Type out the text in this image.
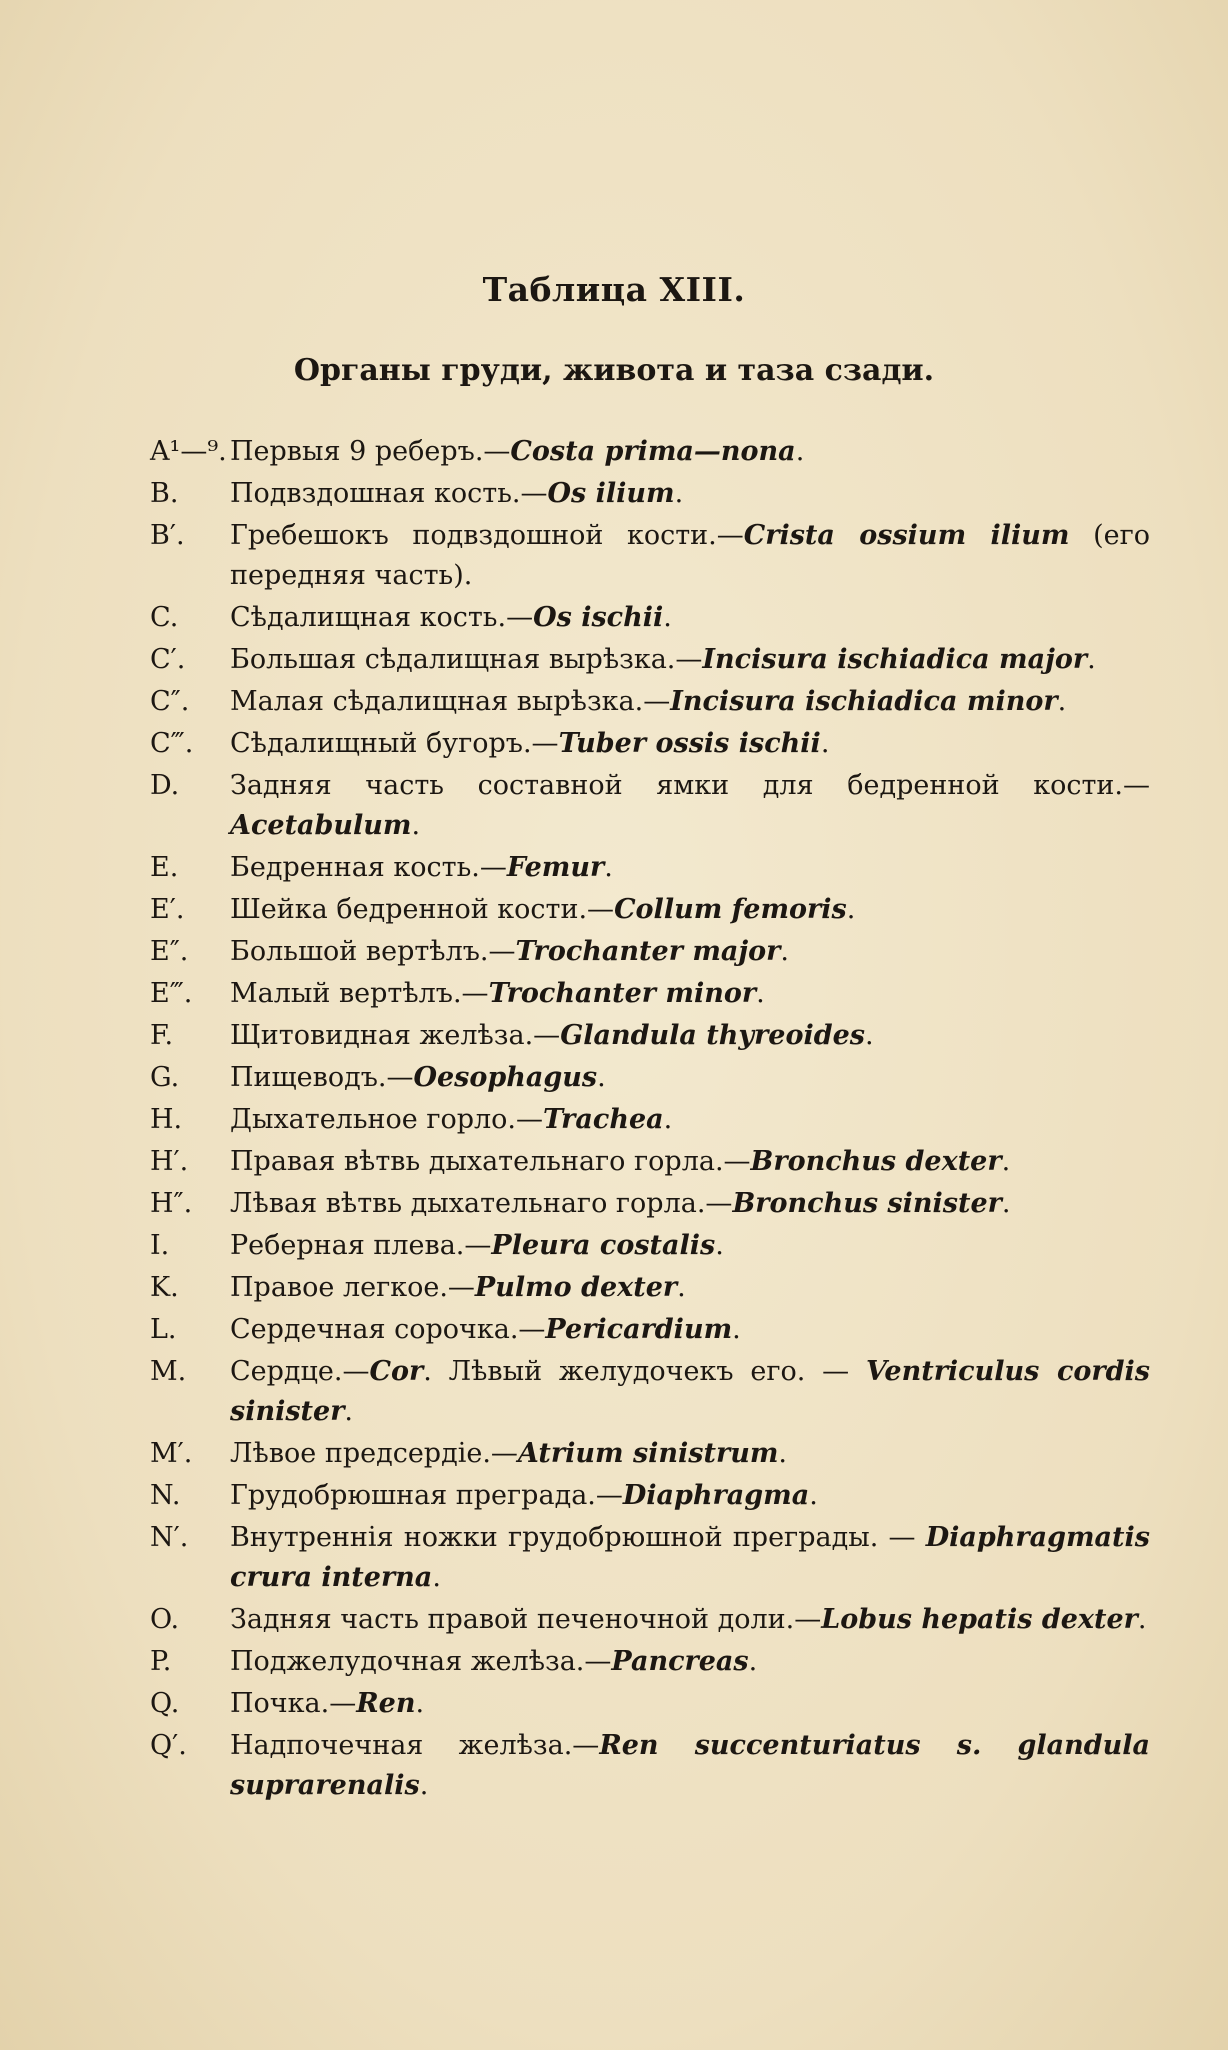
Таблица XIII.
Органы груди, живота и таза сзади.
A¹—⁹. Первыя 9 реберъ.—Costa prima—nona.
B.	Подвздошная кость.—Os ilium.
B′.	Гребешокъ подвздошной кости.—Crista ossium ilium (его передняя часть).
C.	Сѣдалищная кость.—Os ischii.
C′.	Большая сѣдалищная вырѣзка.—Incisura ischiadica major.
C″.	Малая сѣдалищная вырѣзка.—Incisura ischiadica minor.
C‴.	Сѣдалищный бугоръ.—Tuber ossis ischii.
D.	Задняя часть составной ямки для бедренной кости.—Acetabulum.
E.	Бедренная кость.—Femur.
E′.	Шейка бедренной кости.—Collum femoris.
E″.	Большой вертѣлъ.—Trochanter major.
E‴.	Малый вертѣлъ.—Trochanter minor.
F.	Щитовидная желѣза.—Glandula thyreoides.
G.	Пищеводъ.—Oesophagus.
H.	Дыхательное горло.—Trachea.
H′.	Правая вѣтвь дыхательнаго горла.—Bronchus dexter.
H″.	Лѣвая вѣтвь дыхательнаго горла.—Bronchus sinister.
I.	Реберная плева.—Pleura costalis.
K.	Правое легкое.—Pulmo dexter.
L.	Сердечная сорочка.—Pericardium.
M.	Сердце.—Cor. Лѣвый желудочекъ его. — Ventriculus cordis sinister.
M′.	Лѣвое предсердіе.—Atrium sinistrum.
N.	Грудобрюшная преграда.—Diaphragma.
N′.	Внутреннія ножки грудобрюшной преграды. — Diaphragmatis crura interna.
O.	Задняя часть правой печеночной доли.—Lobus hepatis dexter.
P.	Поджелудочная желѣза.—Pancreas.
Q.	Почка.—Ren.
Q′.	Надпочечная желѣза.—Ren succenturiatus s. glandula suprarenalis.
